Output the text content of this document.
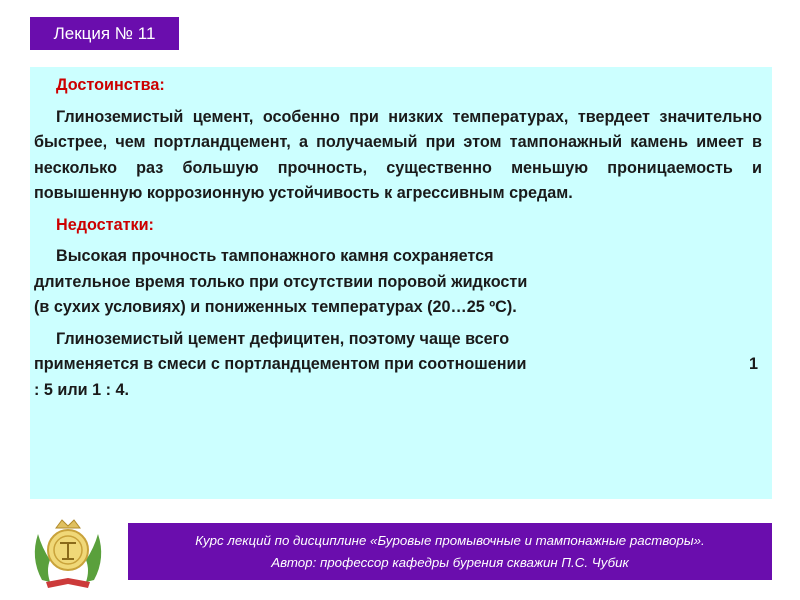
Лекция № 11
Достоинства:
Глиноземистый цемент, особенно при низких температурах, твердеет значительно быстрее, чем портландцемент, а получаемый при этом тампонажный камень имеет в несколько раз большую прочность, существенно меньшую проницаемость и повышенную коррозионную устойчивость к агрессивным средам.
Недостатки:
Высокая прочность тампонажного камня сохраняется
длительное время только при отсутствии поровой жидкости
(в сухих условиях) и пониженных температурах (20…25 ºС).
Глиноземистый цемент дефицитен, поэтому чаще всего
применяется в смеси с портландцементом при соотношении	1

: 5 или 1 : 4.
Курс лекций по дисциплине «Буровые промывочные и тампонажные растворы».
Автор: профессор кафедры бурения скважин П.С. Чубик
